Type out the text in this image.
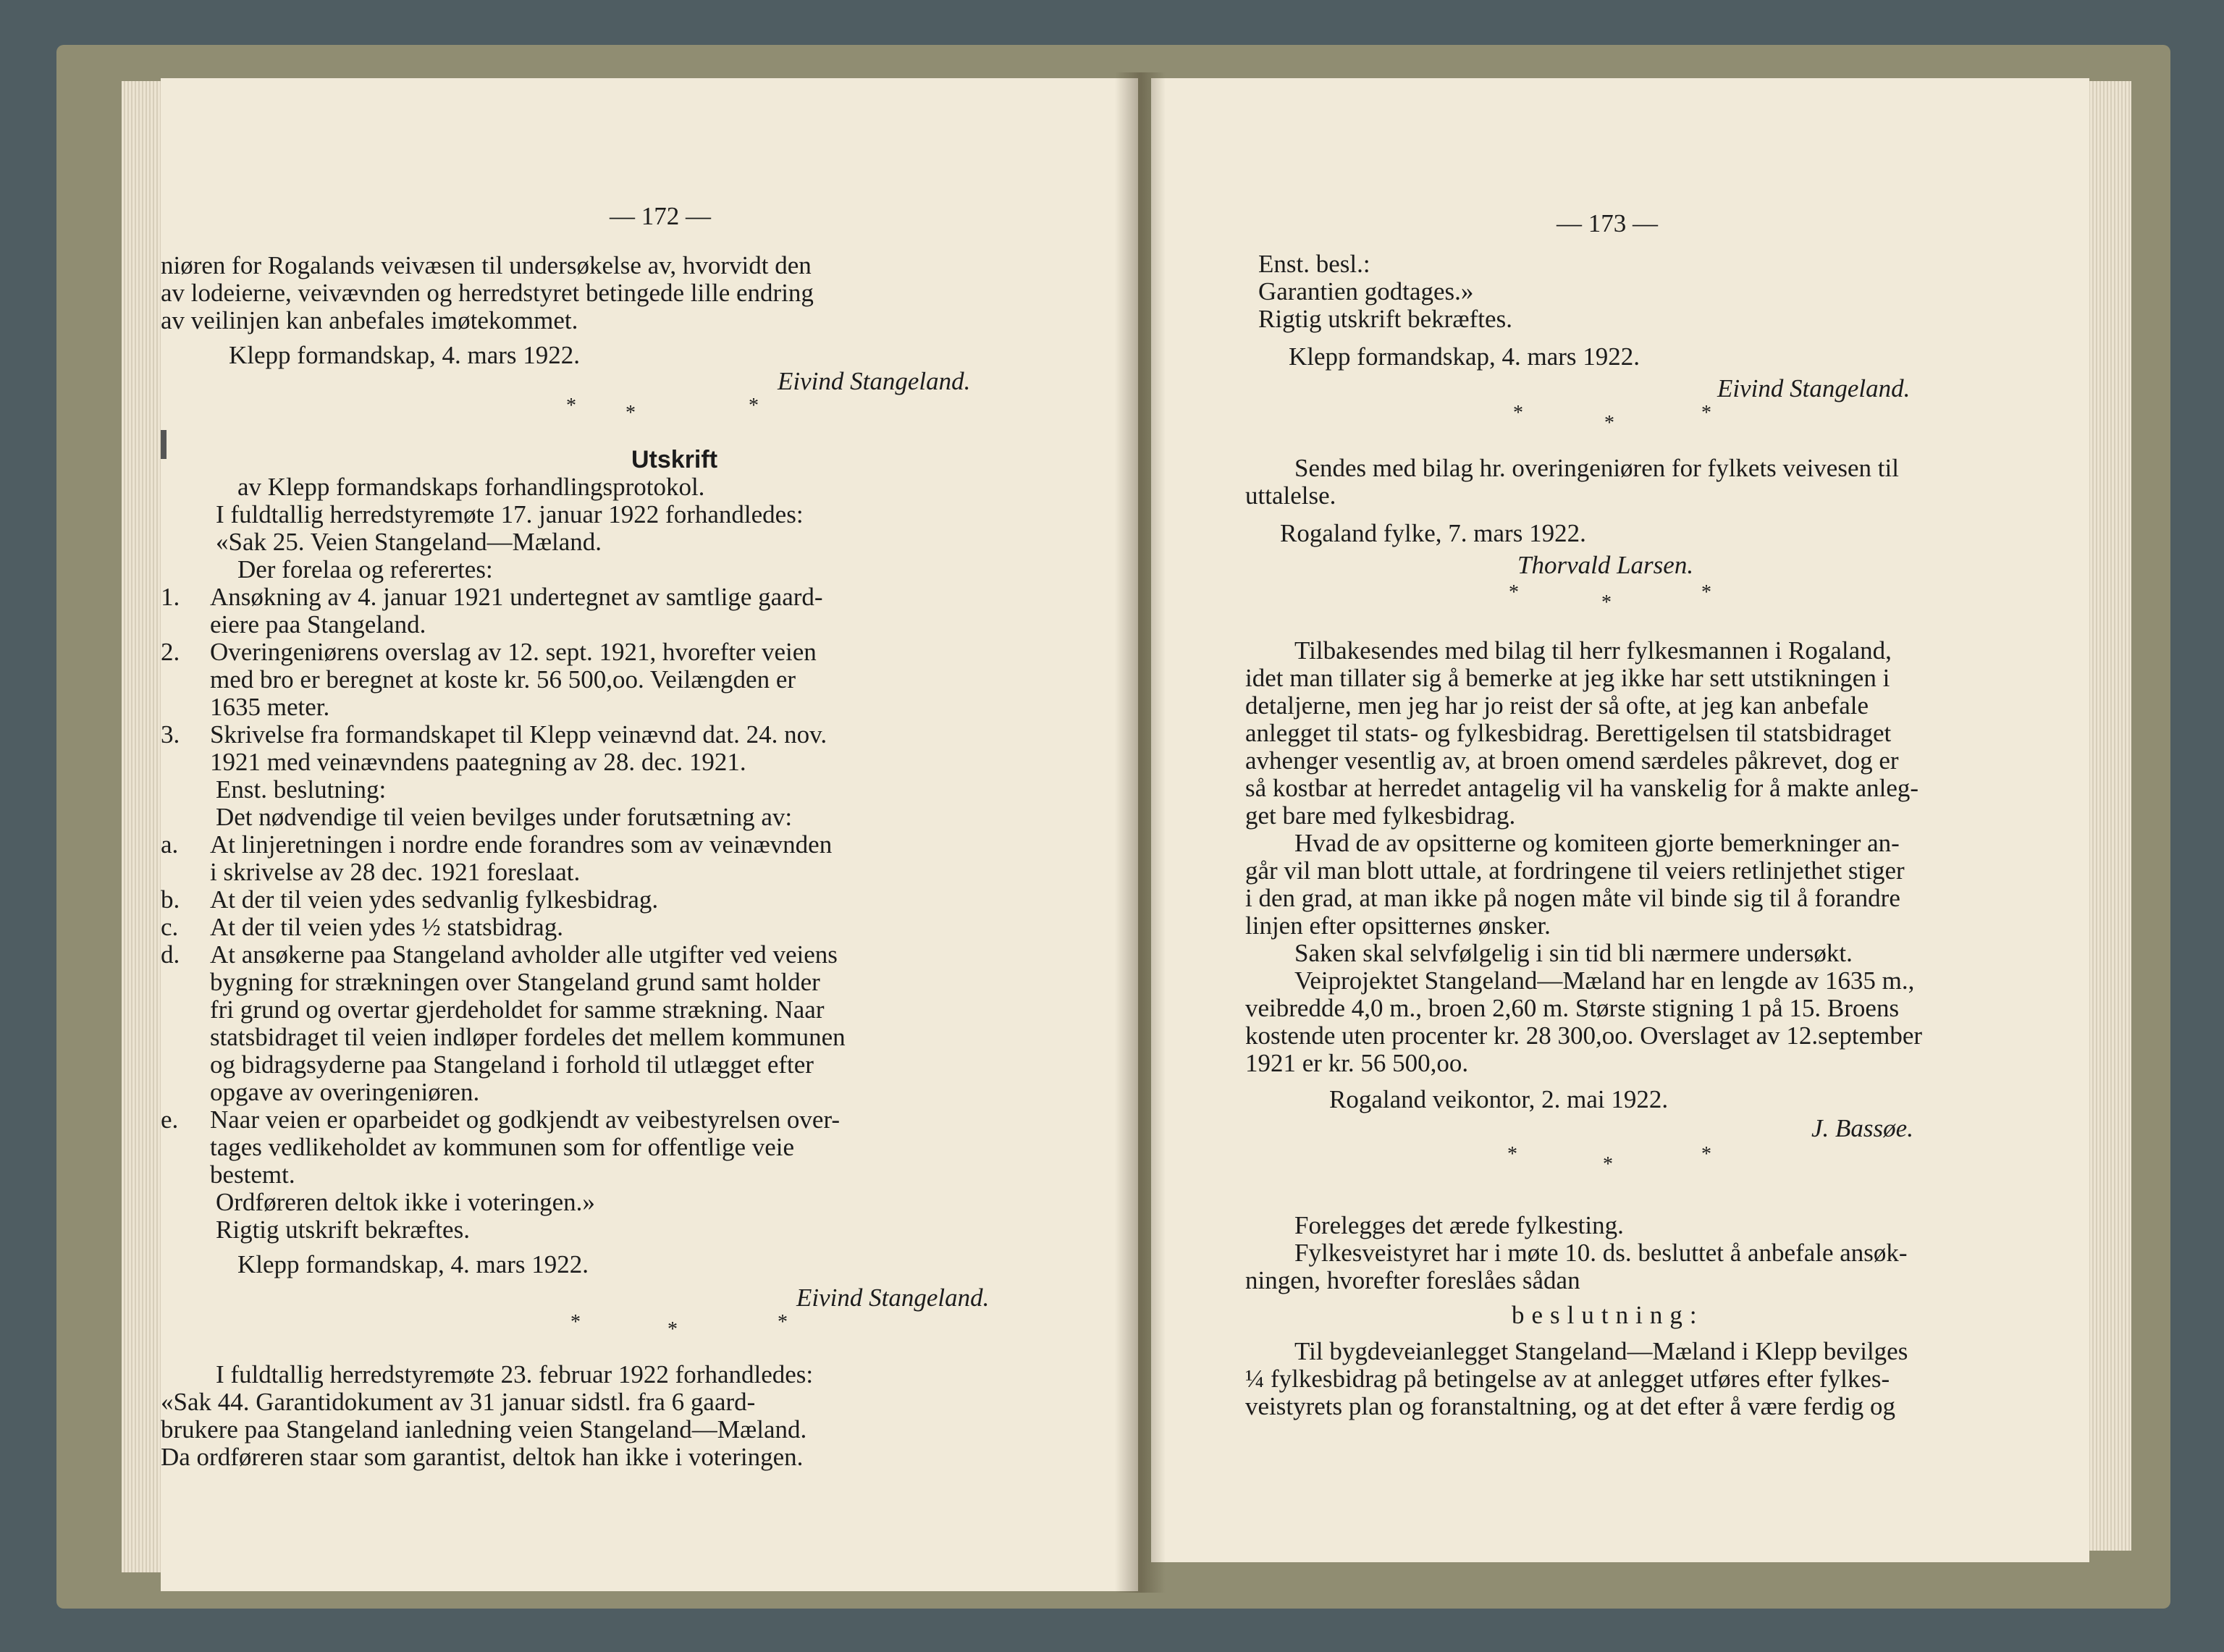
— 172 —
niøren for Rogalands veivæsen til undersøkelse av, hvorvidt den
av lodeierne, veivævnden og herredstyret betingede lille endring
av veilinjen kan anbefales imøtekommet.
Klepp formandskap, 4. mars 1922.
Eivind Stangeland.
* *	*
Utskrift
av Klepp formandskaps forhandlingsprotokol.
I fuldtallig herredstyremøte 17. januar 1922 forhandledes:
«Sak 25. Veien Stangeland—Mæland.
Der forelaa og referertes:
1. Ansøkning av 4. januar 1921 undertegnet av samtlige gaard-
eiere paa Stangeland.
2. Overingeniørens overslag av 12. sept. 1921, hvorefter veien
med bro er beregnet at koste kr. 56 500,oo. Veilængden er
1635 meter.
3. Skrivelse fra formandskapet til Klepp veinævnd dat. 24. nov.
1921 med veinævndens paategning av 28. dec. 1921.
Enst. beslutning:
Det nødvendige til veien bevilges under forutsætning av:
a. At linjeretningen i nordre ende forandres som av veinævnden
i skrivelse av 28 dec. 1921 foreslaat.
b. At der til veien ydes sedvanlig fylkesbidrag.
c. At der til veien ydes ½ statsbidrag.
d. At ansøkerne paa Stangeland avholder alle utgifter ved veiens
bygning for strækningen over Stangeland grund samt holder
fri grund og overtar gjerdeholdet for samme strækning. Naar
statsbidraget til veien indløper fordeles det mellem kommunen
og bidragsyderne paa Stangeland i forhold til utlægget efter
opgave av overingeniøren.
e. Naar veien er oparbeidet og godkjendt av veibestyrelsen over-
tages vedlikeholdet av kommunen som for offentlige veie
bestemt.
Ordføreren deltok ikke i voteringen.»
Rigtig utskrift bekræftes.
Klepp formandskap, 4. mars 1922.
Eivind Stangeland.
*	*	*
I fuldtallig herredstyremøte 23. februar 1922 forhandledes:
«Sak 44. Garantidokument av 31 januar sidstl. fra 6 gaard-
brukere paa Stangeland ianledning veien Stangeland—Mæland.
Da ordføreren staar som garantist, deltok han ikke i voteringen.
— 173 —
Enst. besl.:
Garantien godtages.»
Rigtig utskrift bekræftes.
Klepp formandskap, 4. mars 1922.
Eivind Stangeland.
*	*	*
Sendes med bilag hr. overingeniøren for fylkets veivesen til
uttalelse.
Rogaland fylke, 7. mars 1922.
Thorvald Larsen.
*	*	*
Tilbakesendes med bilag til herr fylkesmannen i Rogaland,
idet man tillater sig å bemerke at jeg ikke har sett utstikningen i
detaljerne, men jeg har jo reist der så ofte, at jeg kan anbefale
anlegget til stats- og fylkesbidrag. Berettigelsen til statsbidraget
avhenger vesentlig av, at broen omend særdeles påkrevet, dog er
så kostbar at herredet antagelig vil ha vanskelig for å makte anleg-
get bare med fylkesbidrag.
Hvad de av opsitterne og komiteen gjorte bemerkninger an-
går vil man blott uttale, at fordringene til veiers retlinjethet stiger
i den grad, at man ikke på nogen måte vil binde sig til å forandre
linjen efter opsitternes ønsker.
Saken skal selvfølgelig i sin tid bli nærmere undersøkt.
Veiprojektet Stangeland—Mæland har en lengde av 1635 m.,
veibredde 4,0 m., broen 2,60 m. Største stigning 1 på 15. Broens
kostende uten procenter kr. 28 300,oo. Overslaget av 12.september
1921 er kr. 56 500,oo.
Rogaland veikontor, 2. mai 1922.
J. Bassøe.
*	*	*
Forelegges det ærede fylkesting.
Fylkesveistyret har i møte 10. ds. besluttet å anbefale ansøk-
ningen, hvorefter foreslåes sådan
beslutning:
Til bygdeveianlegget Stangeland—Mæland i Klepp bevilges
¼ fylkesbidrag på betingelse av at anlegget utføres efter fylkes-
veistyrets plan og foranstaltning, og at det efter å være ferdig og
